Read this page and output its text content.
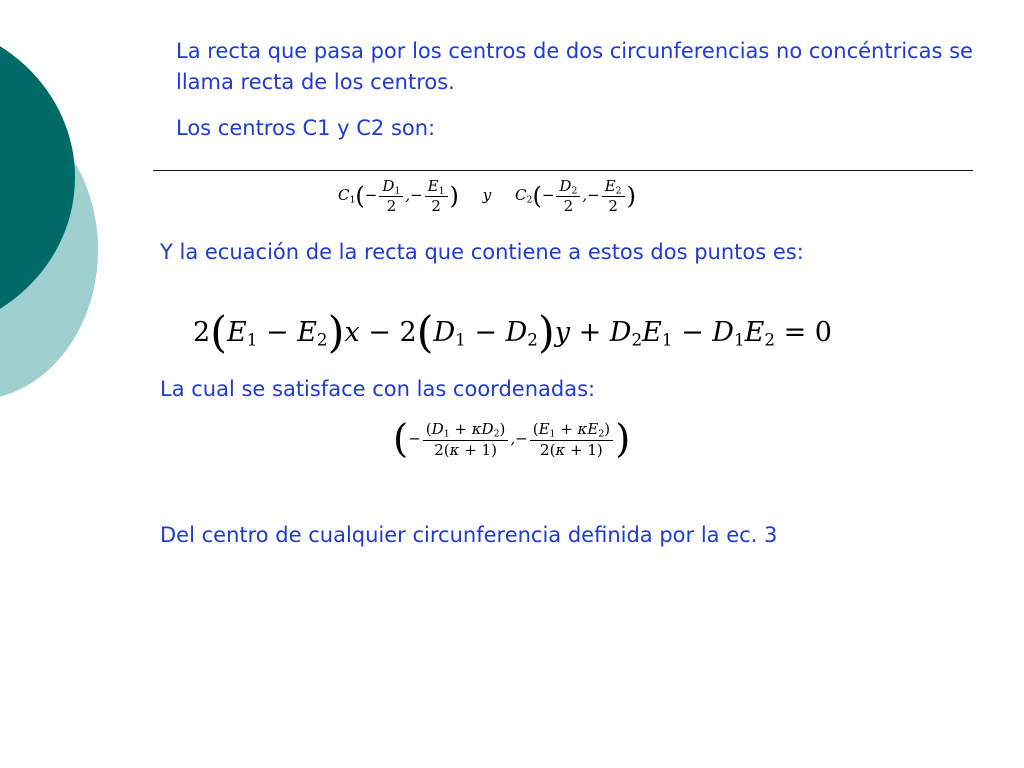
La recta que pasa por los centros de dos circunferencias no concéntricas se llama recta de los centros.

Los centros C1 y C2 son:

$C_1(- \frac{D_1}{2}$ ,− $\frac{E_1}{2}$ )     y     $C_2(- \frac{D_2}{2}$ ,− $\frac{E_2}{2}$ )

Y la ecuación de la recta que contiene a estos dos puntos es:

$2(E_1 - E_2)x - 2(D_1 - D_2)y + D_2E_1 - D_1E_2 = 0$

La cual se satisface con las coordenadas:

(− $\frac{(D_1 + \kappa D_2)}{2(\kappa + 1)}$ ,− $\frac{(E_1 + \kappa E_2)}{2(\kappa + 1)}$ )

Del centro de cualquier circunferencia definida por la ec. 3
